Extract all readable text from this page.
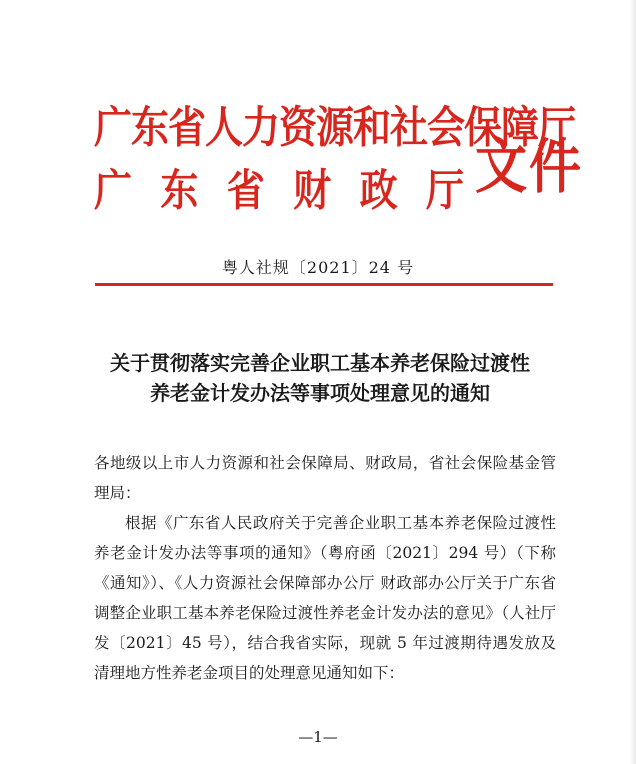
广东省人力资源和社会保障厅
广 东 省 财 政 厅 文件
粤人社规〔2021〕24 号
关于贯彻落实完善企业职工基本养老保险过渡性
养老金计发办法等事项处理意见的通知

各地级以上市人力资源和社会保障局、财政局，省社会保险基金管理局：

根据《广东省人民政府关于完善企业职工基本养老保险过渡性养老金计发办法等事项的通知》（粤府函〔2021〕294 号）（下称《通知》）、《人力资源社会保障部办公厅 财政部办公厅关于广东省调整企业职工基本养老保险过渡性养老金计发办法的意见》（人社厅发〔2021〕45 号），结合我省实际，现就 5 年过渡期待遇发放及清理地方性养老金项目的处理意见通知如下：

—1—
